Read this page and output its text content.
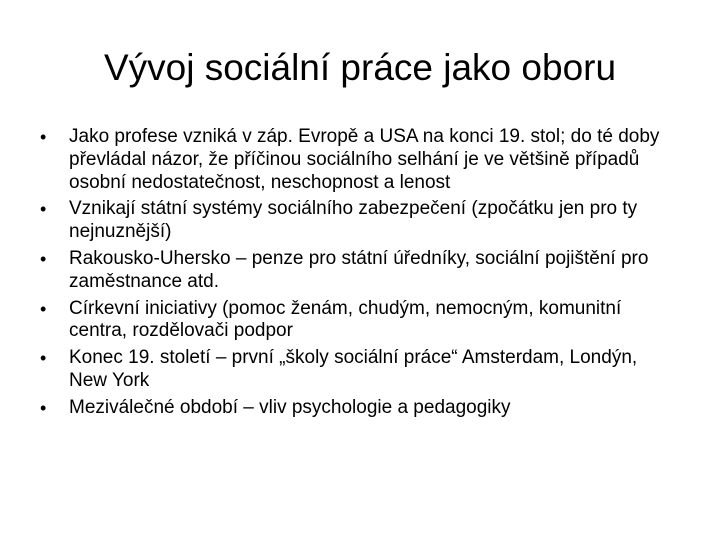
Vývoj sociální práce jako oboru
•	Jako profese vzniká v záp. Evropě a USA na konci 19. stol; do té doby převládal názor, že příčinou sociálního selhání je ve většině případů osobní nedostatečnost, neschopnost a lenost
•	Vznikají státní systémy sociálního zabezpečení (zpočátku jen pro ty nejnuznější)
•	Rakousko-Uhersko – penze pro státní úředníky, sociální pojištění pro zaměstnance atd.
•	Církevní iniciativy (pomoc ženám, chudým, nemocným, komunitní centra, rozdělovači podpor
•	Konec 19. století – první „školy sociální práce“ Amsterdam, Londýn, New York
•	Meziválečné období – vliv psychologie a pedagogiky
